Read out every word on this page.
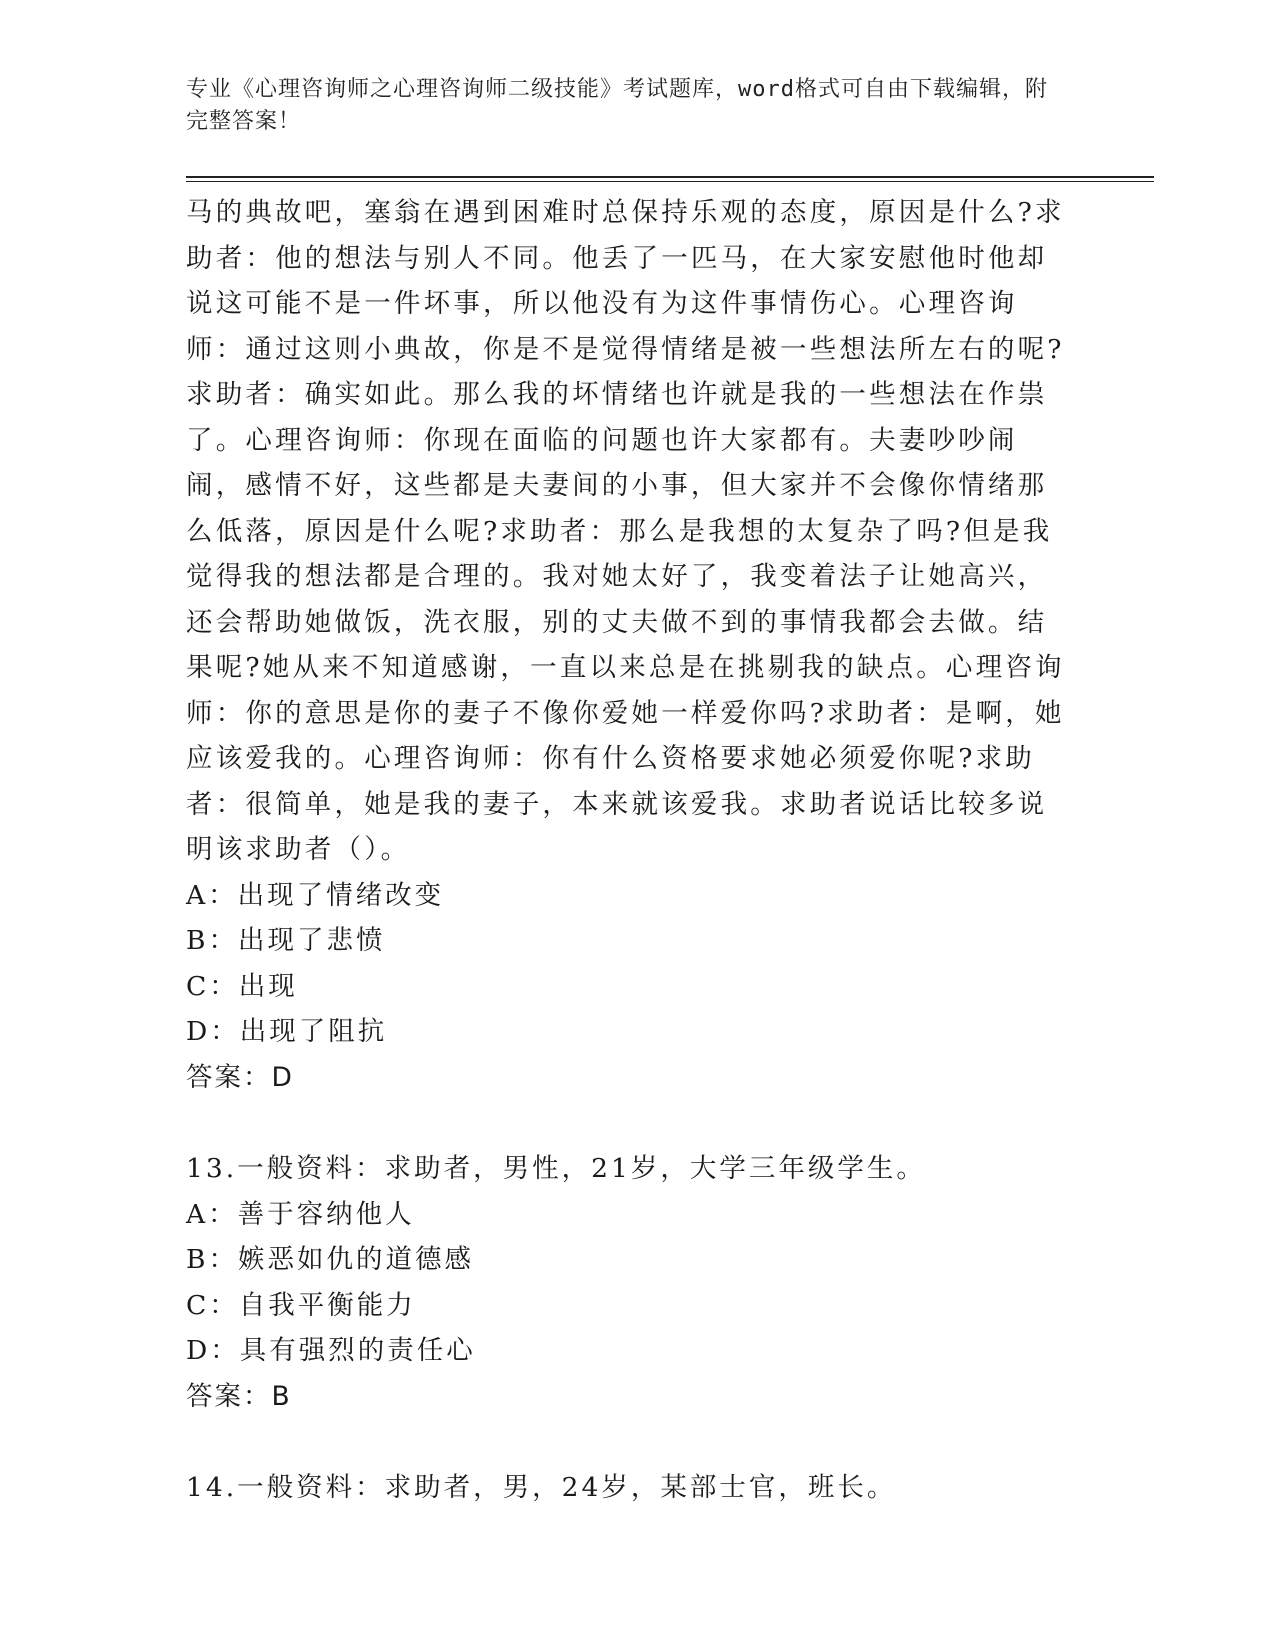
专业《心理咨询师之心理咨询师二级技能》考试题库，word格式可自由下载编辑，附完整答案！

马的典故吧，塞翁在遇到困难时总保持乐观的态度，原因是什么?求助者：他的想法与别人不同。他丢了一匹马，在大家安慰他时他却说这可能不是一件坏事，所以他没有为这件事情伤心。心理咨询师：通过这则小典故，你是不是觉得情绪是被一些想法所左右的呢?求助者：确实如此。那么我的坏情绪也许就是我的一些想法在作祟了。心理咨询师：你现在面临的问题也许大家都有。夫妻吵吵闹闹，感情不好，这些都是夫妻间的小事，但大家并不会像你情绪那么低落，原因是什么呢?求助者：那么是我想的太复杂了吗?但是我觉得我的想法都是合理的。我对她太好了，我变着法子让她高兴，还会帮助她做饭，洗衣服，别的丈夫做不到的事情我都会去做。结果呢?她从来不知道感谢，一直以来总是在挑剔我的缺点。心理咨询师：你的意思是你的妻子不像你爱她一样爱你吗?求助者：是啊，她应该爱我的。心理咨询师：你有什么资格要求她必须爱你呢?求助者：很简单，她是我的妻子，本来就该爱我。求助者说话比较多说明该求助者（）。

A：出现了情绪改变

B：出现了悲愤

C：出现

D：出现了阻抗

答案：D

13.一般资料：求助者，男性，21岁，大学三年级学生。

A：善于容纳他人

B：嫉恶如仇的道德感

C：自我平衡能力

D：具有强烈的责任心

答案：B

14.一般资料：求助者，男，24岁，某部士官，班长。
